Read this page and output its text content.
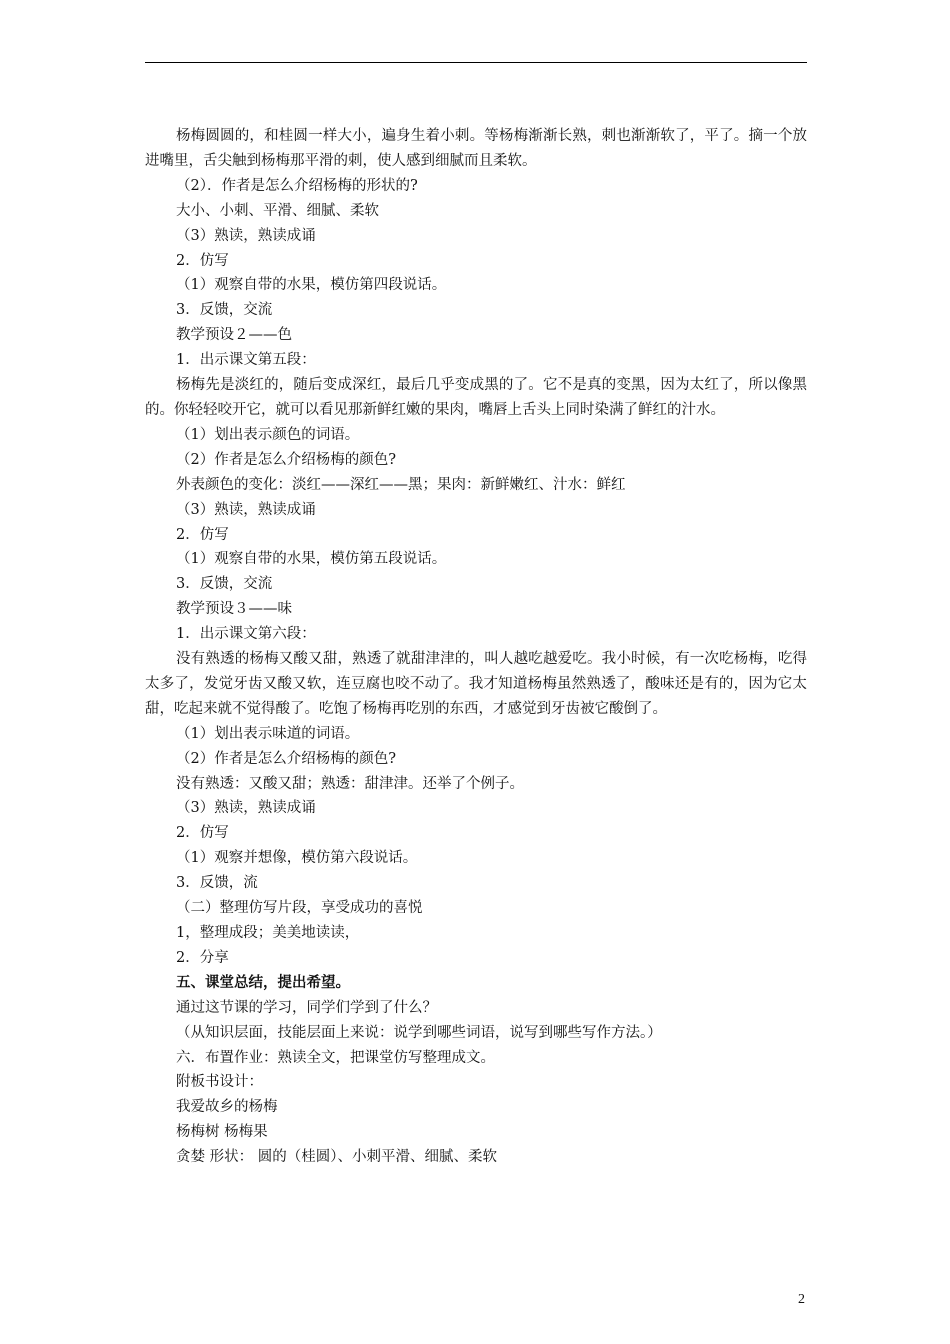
杨梅圆圆的，和桂圆一样大小，遍身生着小刺。等杨梅渐渐长熟，刺也渐渐软了，平了。摘一个放进嘴里，舌尖触到杨梅那平滑的刺，使人感到细腻而且柔软。

（2）．作者是怎么介绍杨梅的形状的?
大小、小刺、平滑、细腻、柔软
（3）熟读，熟读成诵
2．仿写
（1）观察自带的水果，模仿第四段说话。
3．反馈，交流
教学预设２——色
1．出示课文第五段：

杨梅先是淡红的，随后变成深红，最后几乎变成黑的了。它不是真的变黑，因为太红了，所以像黑的。你轻轻咬开它，就可以看见那新鲜红嫩的果肉，嘴唇上舌头上同时染满了鲜红的汁水。

（1）划出表示颜色的词语。
（2）作者是怎么介绍杨梅的颜色?
外表颜色的变化：淡红——深红——黑；果肉：新鲜嫩红、汁水：鲜红
（3）熟读，熟读成诵
2．仿写
（1）观察自带的水果，模仿第五段说话。
3．反馈，交流
教学预设３——味
1．出示课文第六段：

没有熟透的杨梅又酸又甜，熟透了就甜津津的，叫人越吃越爱吃。我小时候，有一次吃杨梅，吃得太多了，发觉牙齿又酸又软，连豆腐也咬不动了。我才知道杨梅虽然熟透了，酸味还是有的，因为它太甜，吃起来就不觉得酸了。吃饱了杨梅再吃别的东西，才感觉到牙齿被它酸倒了。

（1）划出表示味道的词语。
（2）作者是怎么介绍杨梅的颜色?
没有熟透：又酸又甜；熟透：甜津津。还举了个例子。
（3）熟读，熟读成诵
2．仿写
（1）观察并想像，模仿第六段说话。
3．反馈，流
（二）整理仿写片段，享受成功的喜悦
1，整理成段；美美地读读，
2．分享
五、课堂总结，提出希望。
通过这节课的学习，同学们学到了什么？
（从知识层面，技能层面上来说：说学到哪些词语，说写到哪些写作方法。）
六．布置作业：熟读全文，把课堂仿写整理成文。
附板书设计：
我爱故乡的杨梅
杨梅树 杨梅果
贪婪 形状： 圆的（桂圆）、小刺平滑、细腻、柔软
2
